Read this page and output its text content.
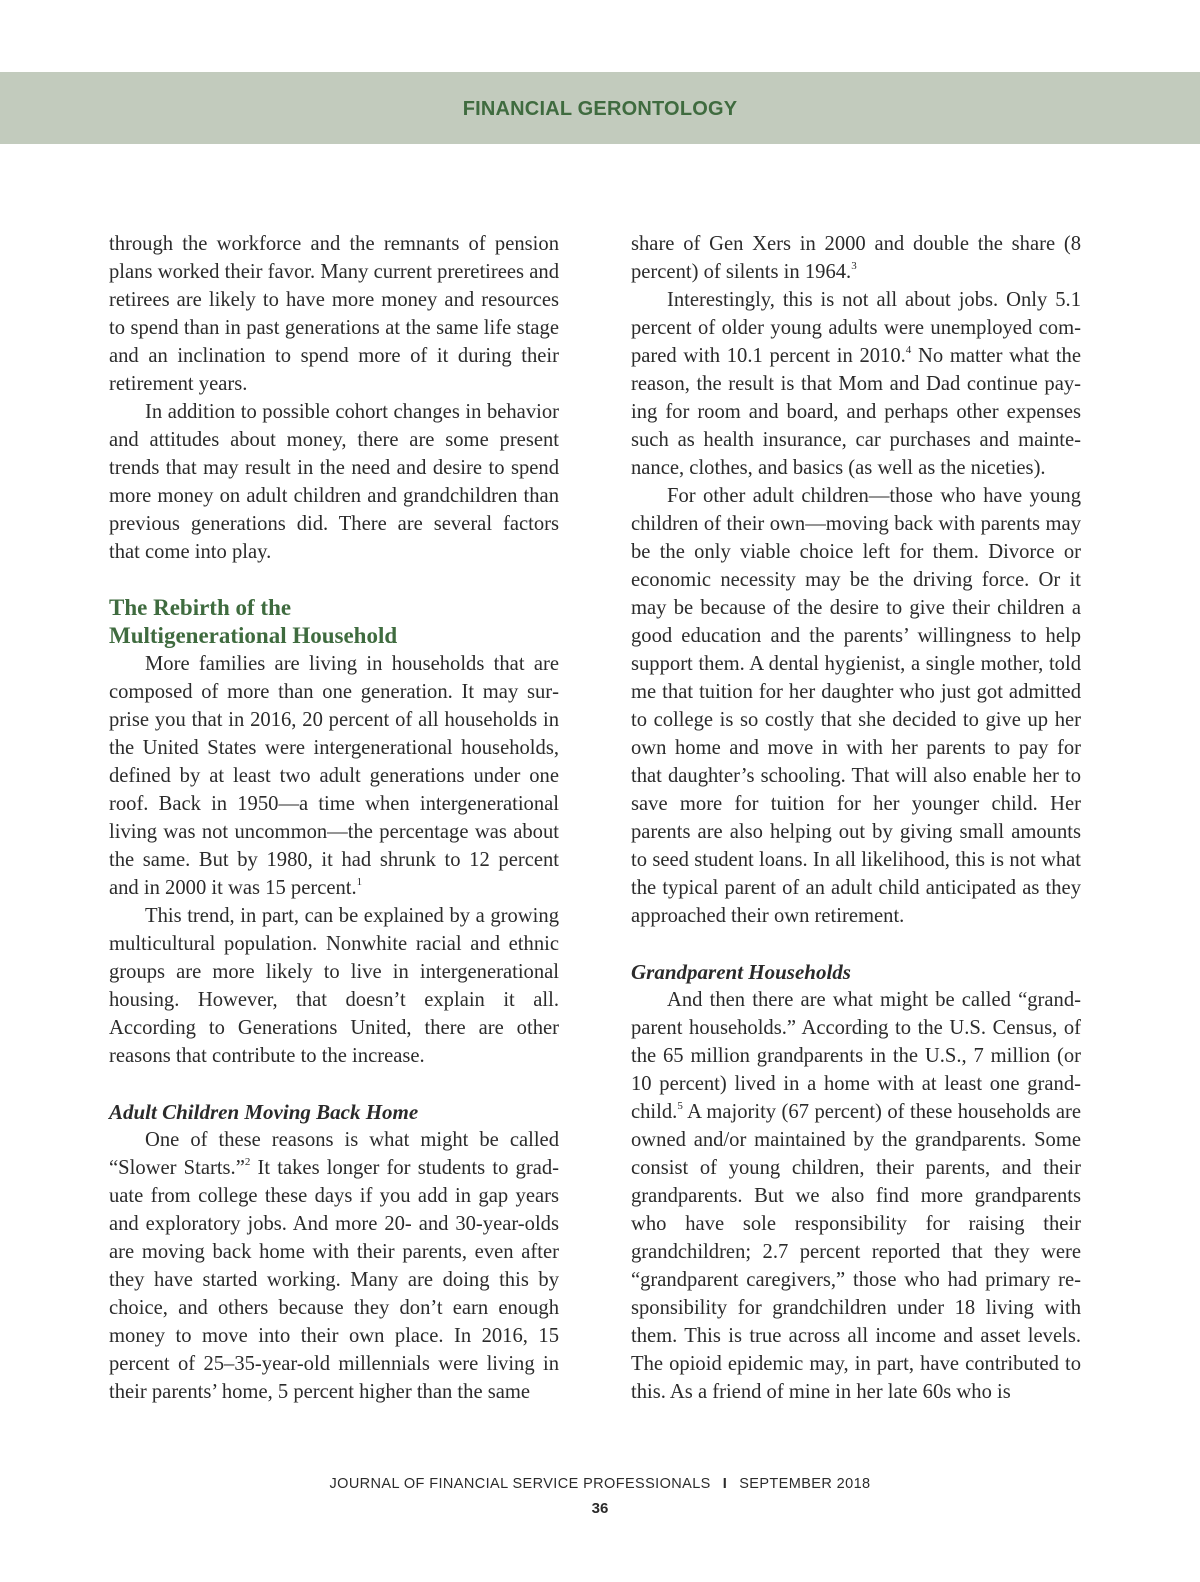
FINANCIAL GERONTOLOGY

through the workforce and the remnants of pension plans worked their favor. Many current preretirees and retirees are likely to have more money and resources to spend than in past generations at the same life stage and an inclination to spend more of it during their retirement years.

In addition to possible cohort changes in behavior and attitudes about money, there are some present trends that may result in the need and desire to spend more money on adult children and grandchildren than previous generations did. There are several factors that come into play.

The Rebirth of the
Multigenerational Household

More families are living in households that are composed of more than one generation. It may surprise you that in 2016, 20 percent of all households in the United States were intergenerational households, defined by at least two adult generations under one roof. Back in 1950—a time when intergenerational living was not uncommon—the percentage was about the same. But by 1980, it had shrunk to 12 percent and in 2000 it was 15 percent.$^1$

This trend, in part, can be explained by a growing multicultural population. Nonwhite racial and ethnic groups are more likely to live in intergenerational housing. However, that doesn’t explain it all. According to Generations United, there are other reasons that contribute to the increase.

Adult Children Moving Back Home

One of these reasons is what might be called “Slower Starts.”$^2$ It takes longer for students to graduate from college these days if you add in gap years and exploratory jobs. And more 20- and 30-year-olds are moving back home with their parents, even after they have started working. Many are doing this by choice, and others because they don’t earn enough money to move into their own place. In 2016, 15 percent of 25–35-year-old millennials were living in their parents’ home, 5 percent higher than the same

share of Gen Xers in 2000 and double the share (8 percent) of silents in 1964.$^3$

Interestingly, this is not all about jobs. Only 5.1 percent of older young adults were unemployed compared with 10.1 percent in 2010.$^4$ No matter what the reason, the result is that Mom and Dad continue paying for room and board, and perhaps other expenses such as health insurance, car purchases and maintenance, clothes, and basics (as well as the niceties).

For other adult children—those who have young children of their own—moving back with parents may be the only viable choice left for them. Divorce or economic necessity may be the driving force. Or it may be because of the desire to give their children a good education and the parents’ willingness to help support them. A dental hygienist, a single mother, told me that tuition for her daughter who just got admitted to college is so costly that she decided to give up her own home and move in with her parents to pay for that daughter’s schooling. That will also enable her to save more for tuition for her younger child. Her parents are also helping out by giving small amounts to seed student loans. In all likelihood, this is not what the typical parent of an adult child anticipated as they approached their own retirement.

Grandparent Households

And then there are what might be called “grandparent households.” According to the U.S. Census, of the 65 million grandparents in the U.S., 7 million (or 10 percent) lived in a home with at least one grandchild.$^5$ A majority (67 percent) of these households are owned and/or maintained by the grandparents. Some consist of young children, their parents, and their grandparents. But we also find more grandparents who have sole responsibility for raising their grandchildren; 2.7 percent reported that they were “grandparent caregivers,” those who had primary responsibility for grandchildren under 18 living with them. This is true across all income and asset levels. The opioid epidemic may, in part, have contributed to this. As a friend of mine in her late 60s who is

JOURNAL OF FINANCIAL SERVICE PROFESSIONALS I SEPTEMBER 2018
36
